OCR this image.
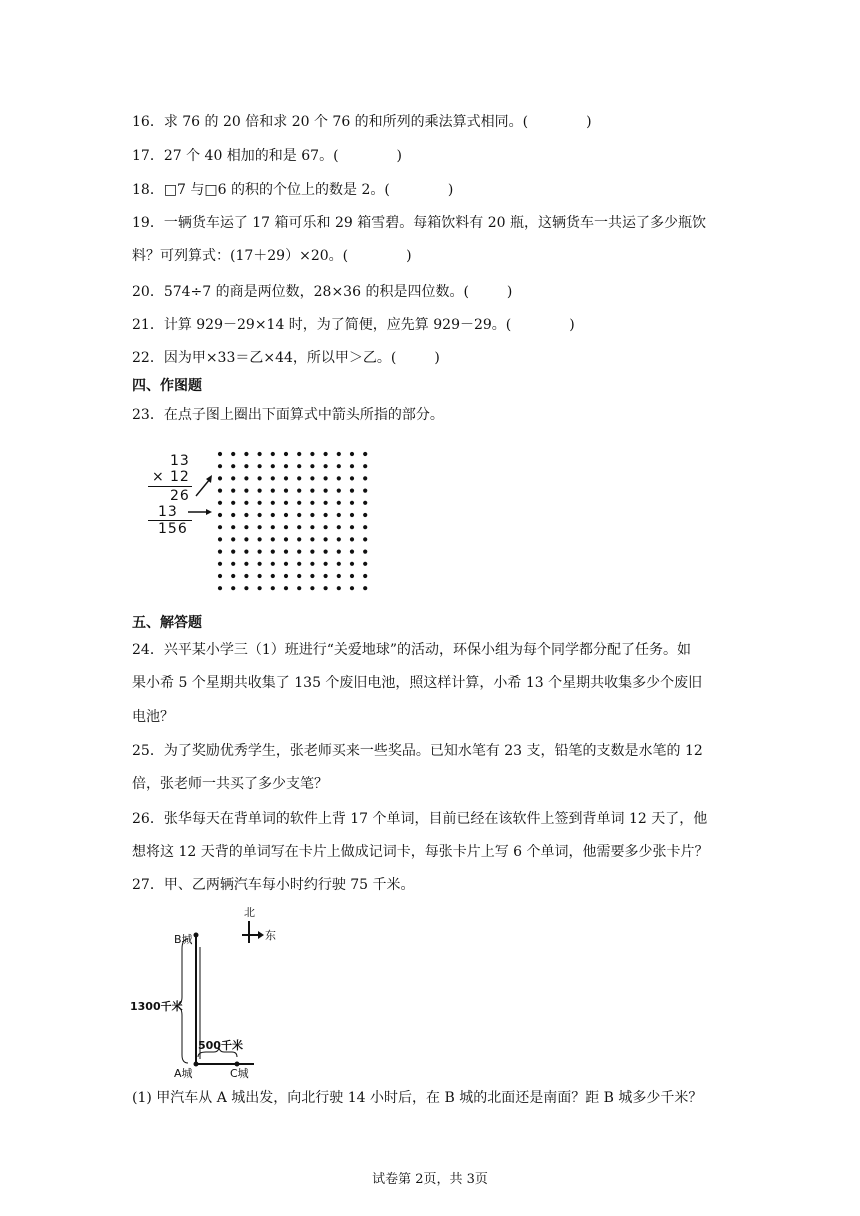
16．求 76 的 20 倍和求 20 个 76 的和所列的乘法算式相同。(	)
17．27 个 40 相加的和是 67。(	)
18．□7 与□6 的积的个位上的数是 2。(	)
19．一辆货车运了 17 箱可乐和 29 箱雪碧。每箱饮料有 20 瓶，这辆货车一共运了多少瓶饮
料？可列算式：(17＋29）×20。(	)
20．574÷7 的商是两位数，28×36 的积是四位数。(	)
21．计算 929－29×14 时，为了简便，应先算 929－29。(	)
22．因为甲×33＝乙×44，所以甲＞乙。(	)
四、作图题
23．在点子图上圈出下面算式中箭头所指的部分。
13
× 12
26
13
156
五、解答题
24．兴平某小学三（1）班进行“关爱地球”的活动，环保小组为每个同学都分配了任务。如
果小希 5 个星期共收集了 135 个废旧电池，照这样计算，小希 13 个星期共收集多少个废旧
电池？
25．为了奖励优秀学生，张老师买来一些奖品。已知水笔有 23 支，铅笔的支数是水笔的 12
倍，张老师一共买了多少支笔？
26．张华每天在背单词的软件上背 17 个单词，目前已经在该软件上签到背单词 12 天了，他
想将这 12 天背的单词写在卡片上做成记词卡，每张卡片上写 6 个单词，他需要多少张卡片？
27．甲、乙两辆汽车每小时约行驶 75 千米。
北
东
B城
A城	C城
1300千米
500千米
(1) 甲汽车从 A 城出发，向北行驶 14 小时后，在 B 城的北面还是南面？距 B 城多少千米？
试卷第 2页，共 3页
